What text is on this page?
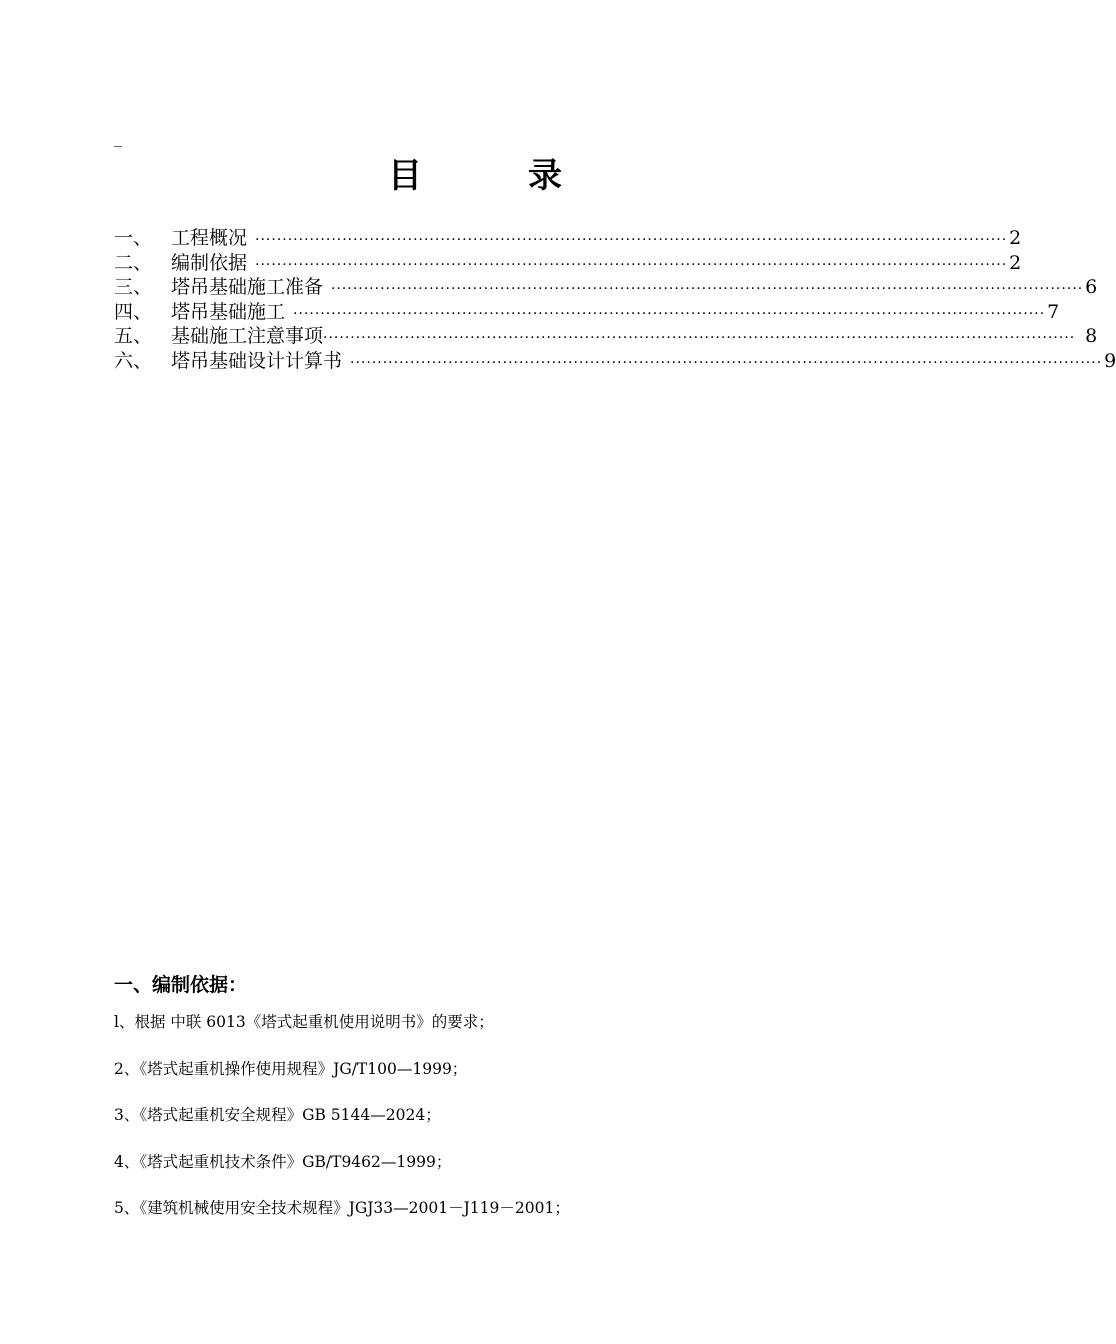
_
目	录
一、 工程概况 ·········································································································································· 2
二、 编制依据 ·········································································································································· 2
三、 塔吊基础施工准备 ·········································································································································· 6
四、 塔吊基础施工 ·········································································································································· 7
五、 基础施工注意事项 ·········································································································································· 8
六、 塔吊基础设计计算书 ·········································································································································· 9
一、编制依据：
l、根据 中联 6013《塔式起重机使用说明书》的要求；
2、《塔式起重机操作使用规程》JG/T100—1999；
3、《塔式起重机安全规程》GB 5144—2024；
4、《塔式起重机技术条件》GB/T9462—1999；
5、《建筑机械使用安全技术规程》JGJ33—2001－J119－2001；
